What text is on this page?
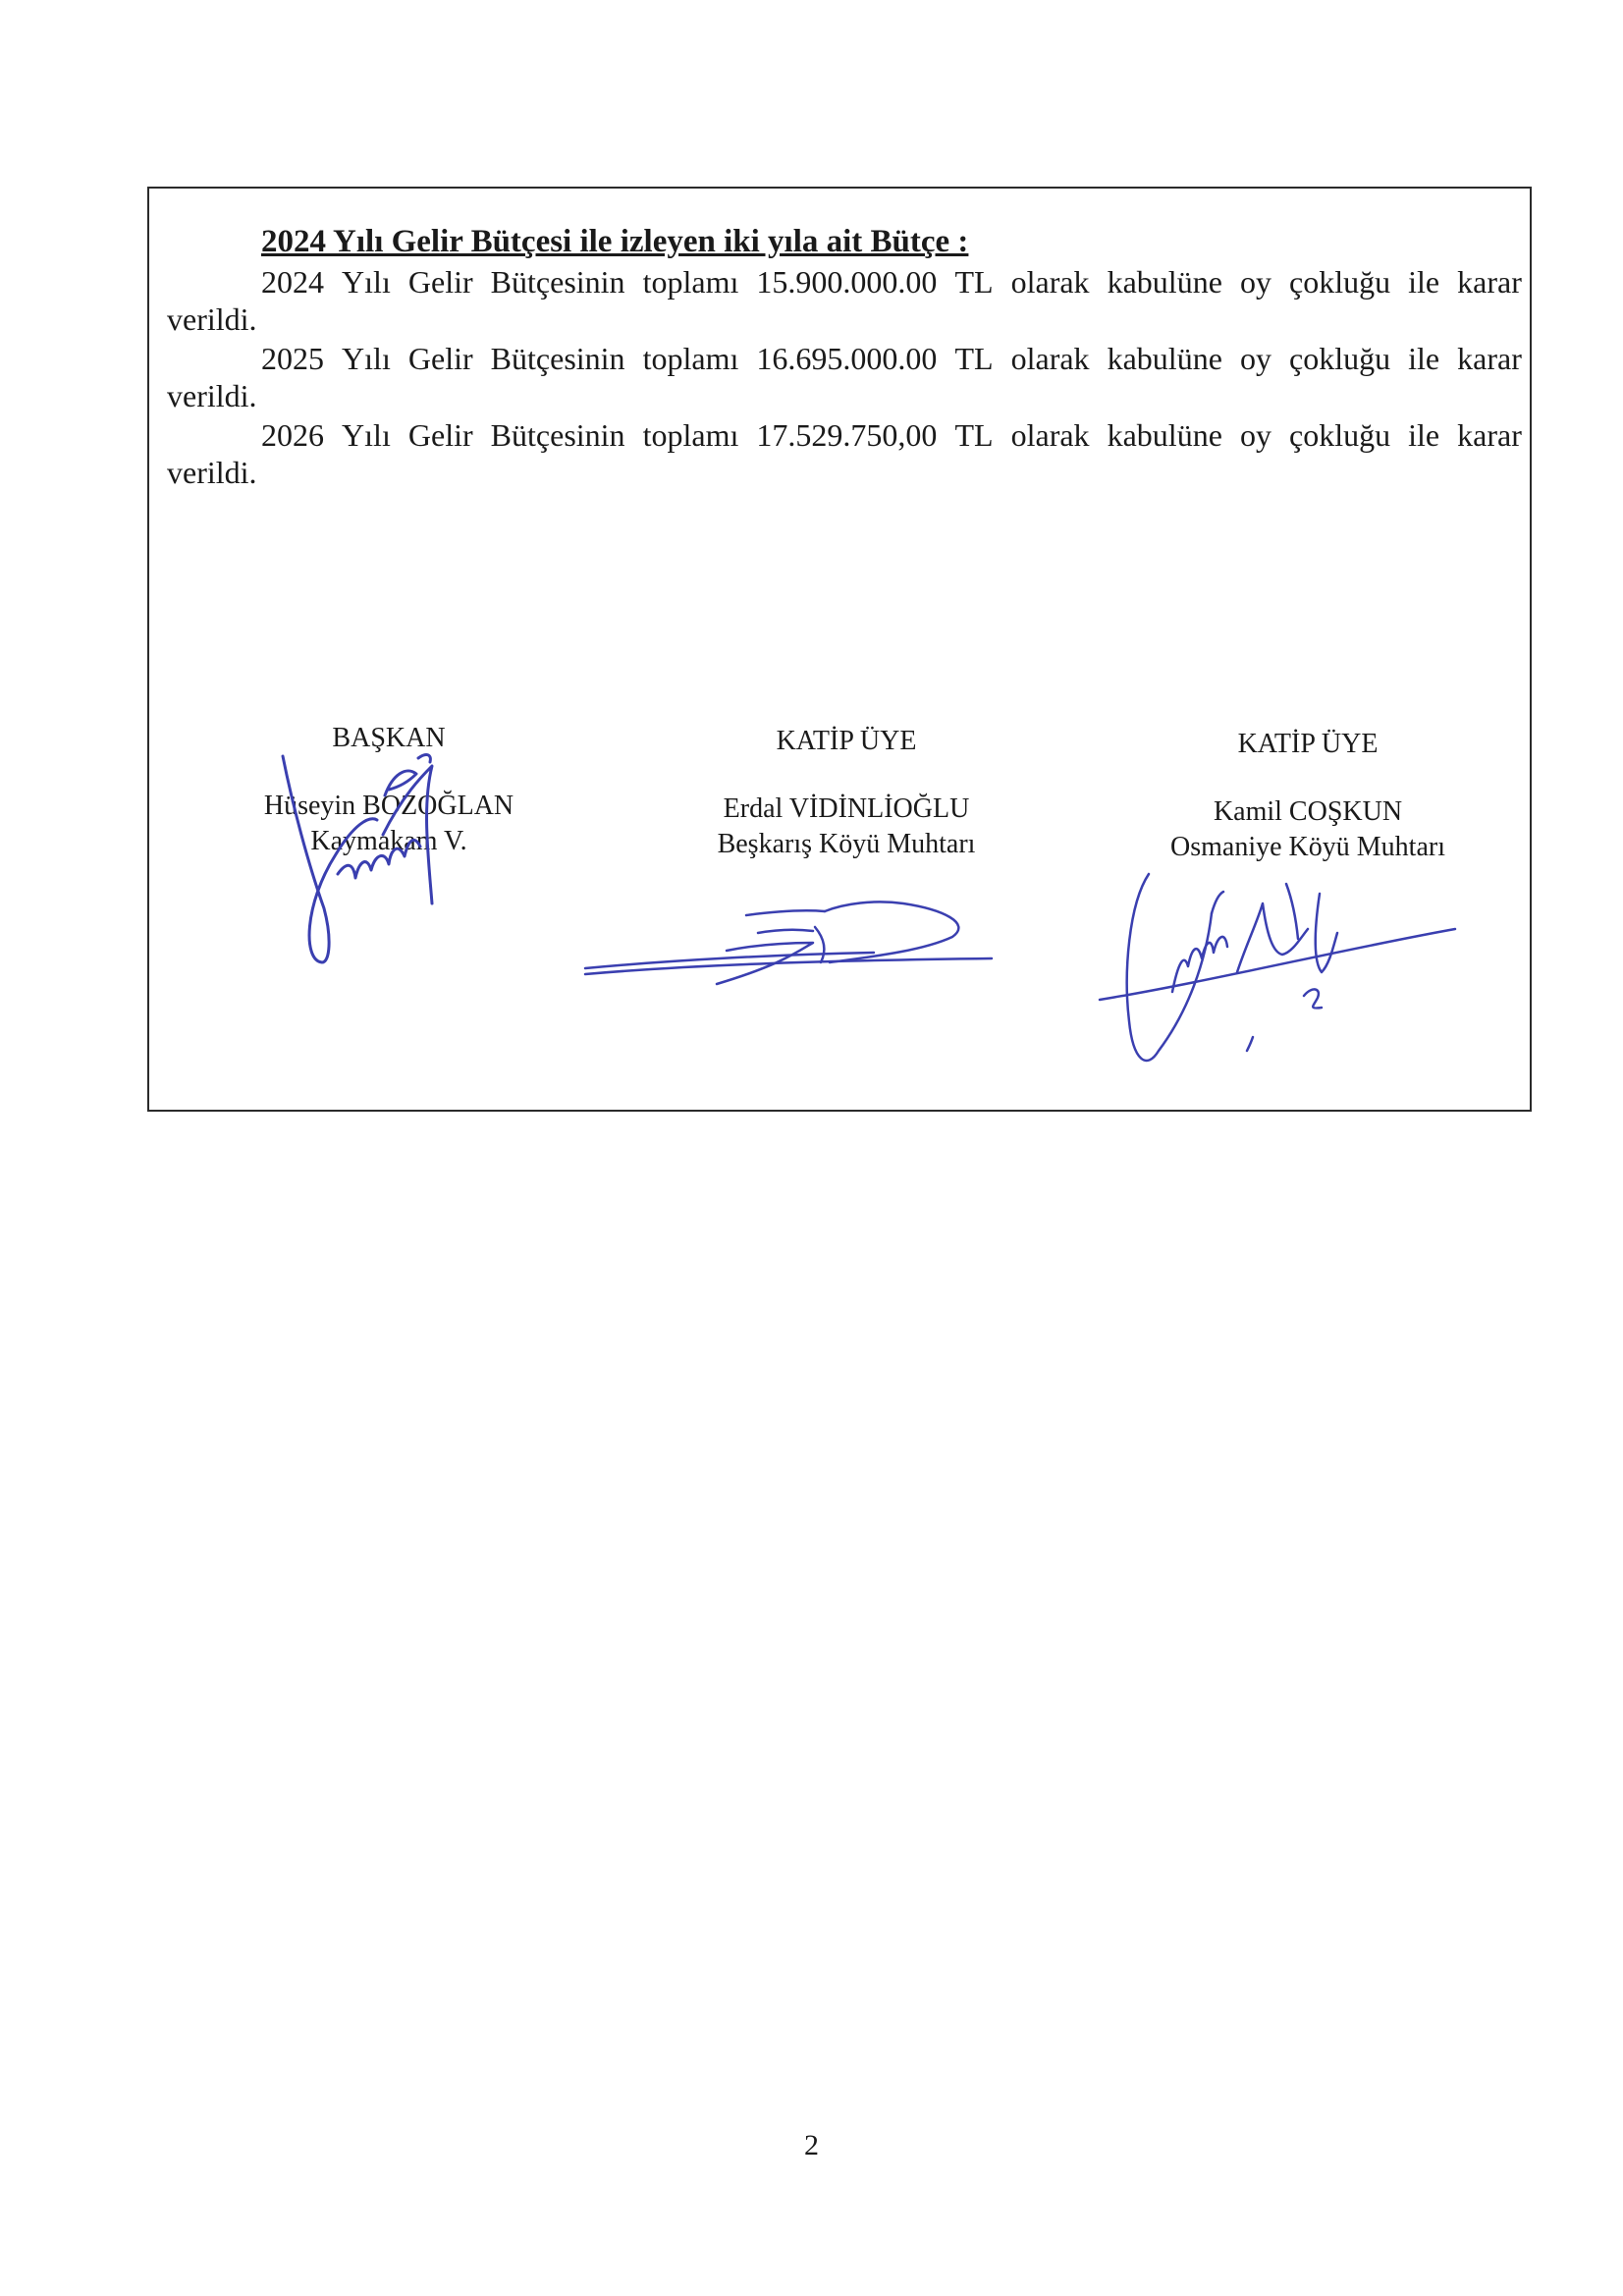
2024 Yılı Gelir Bütçesi ile izleyen iki yıla ait Bütçe :
2024 Yılı Gelir Bütçesinin toplamı 15.900.000.00 TL olarak kabulüne oy çokluğu ile karar
verildi.
2025 Yılı Gelir Bütçesinin toplamı 16.695.000.00 TL olarak kabulüne oy çokluğu ile karar
verildi.
2026 Yılı Gelir Bütçesinin toplamı 17.529.750,00 TL olarak kabulüne oy çokluğu ile karar
verildi.
BAŞKAN
Hüseyin BOZOĞLAN
Kaymakam V.
KATİP ÜYE
Erdal VİDİNLİOĞLU
Beşkarış Köyü Muhtarı
KATİP ÜYE
Kamil COŞKUN
Osmaniye Köyü Muhtarı
2
